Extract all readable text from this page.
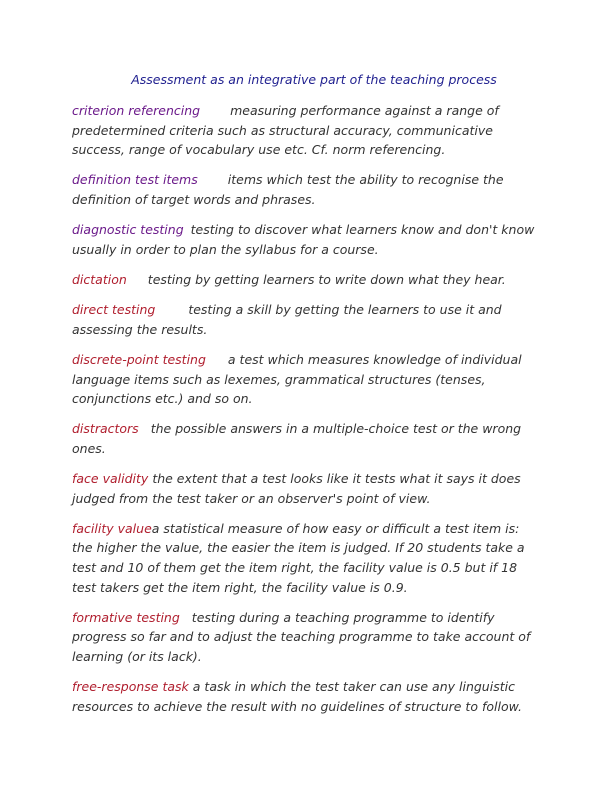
Assessment as an integrative part of the teaching process

criterion referencing measuring performance against a range of predetermined criteria such as structural accuracy, communicative success, range of vocabulary use etc. Cf. norm referencing.

definition test items items which test the ability to recognise the definition of target words and phrases.

diagnostic testing testing to discover what learners know and don't know usually in order to plan the syllabus for a course.

dictation testing by getting learners to write down what they hear.

direct testing	testing a skill by getting the learners to use it and assessing the results.

discrete-point testing a test which measures knowledge of individual language items such as lexemes, grammatical structures (tenses, conjunctions etc.) and so on.

distractors the possible answers in a multiple-choice test or the wrong ones.

face validity the extent that a test looks like it tests what it says it does judged from the test taker or an observer's point of view.

facility valuea statistical measure of how easy or difficult a test item is: the higher the value, the easier the item is judged. If 20 students take a test and 10 of them get the item right, the facility value is 0.5 but if 18 test takers get the item right, the facility value is 0.9.

formative testing testing during a teaching programme to identify progress so far and to adjust the teaching programme to take account of learning (or its lack).

free-response task a task in which the test taker can use any linguistic resources to achieve the result with no guidelines of structure to follow.
